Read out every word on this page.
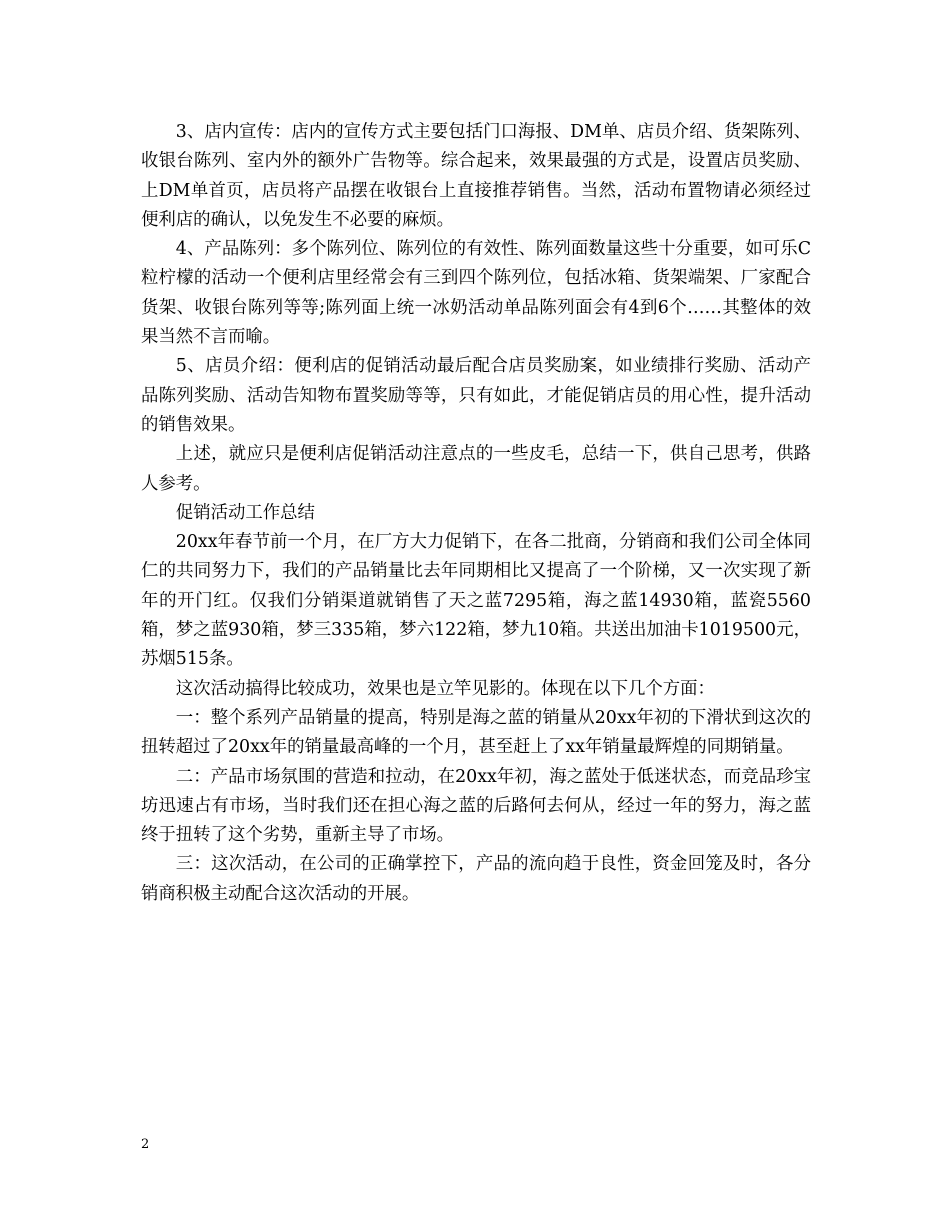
3、店内宣传：店内的宣传方式主要包括门口海报、DM单、店员介绍、货架陈列、收银台陈列、室内外的额外广告物等。综合起来，效果最强的方式是，设置店员奖励、上DM单首页，店员将产品摆在收银台上直接推荐销售。当然，活动布置物请必须经过便利店的确认，以免发生不必要的麻烦。

4、产品陈列：多个陈列位、陈列位的有效性、陈列面数量这些十分重要，如可乐C粒柠檬的活动一个便利店里经常会有三到四个陈列位，包括冰箱、货架端架、厂家配合货架、收银台陈列等等;陈列面上统一冰奶活动单品陈列面会有4到6个……其整体的效果当然不言而喻。

5、店员介绍：便利店的促销活动最后配合店员奖励案，如业绩排行奖励、活动产品陈列奖励、活动告知物布置奖励等等，只有如此，才能促销店员的用心性，提升活动的销售效果。

上述，就应只是便利店促销活动注意点的一些皮毛，总结一下，供自己思考，供路人参考。

促销活动工作总结

20xx年春节前一个月，在厂方大力促销下，在各二批商，分销商和我们公司全体同仁的共同努力下，我们的产品销量比去年同期相比又提高了一个阶梯，又一次实现了新年的开门红。仅我们分销渠道就销售了天之蓝7295箱，海之蓝14930箱，蓝瓷5560箱，梦之蓝930箱，梦三335箱，梦六122箱，梦九10箱。共送出加油卡1019500元，苏烟515条。

这次活动搞得比较成功，效果也是立竿见影的。体现在以下几个方面：

一：整个系列产品销量的提高，特别是海之蓝的销量从20xx年初的下滑状到这次的扭转超过了20xx年的销量最高峰的一个月，甚至赶上了xx年销量最辉煌的同期销量。

二：产品市场氛围的营造和拉动，在20xx年初，海之蓝处于低迷状态，而竞品珍宝坊迅速占有市场，当时我们还在担心海之蓝的后路何去何从，经过一年的努力，海之蓝终于扭转了这个劣势，重新主导了市场。

三：这次活动，在公司的正确掌控下，产品的流向趋于良性，资金回笼及时，各分销商积极主动配合这次活动的开展。

2
